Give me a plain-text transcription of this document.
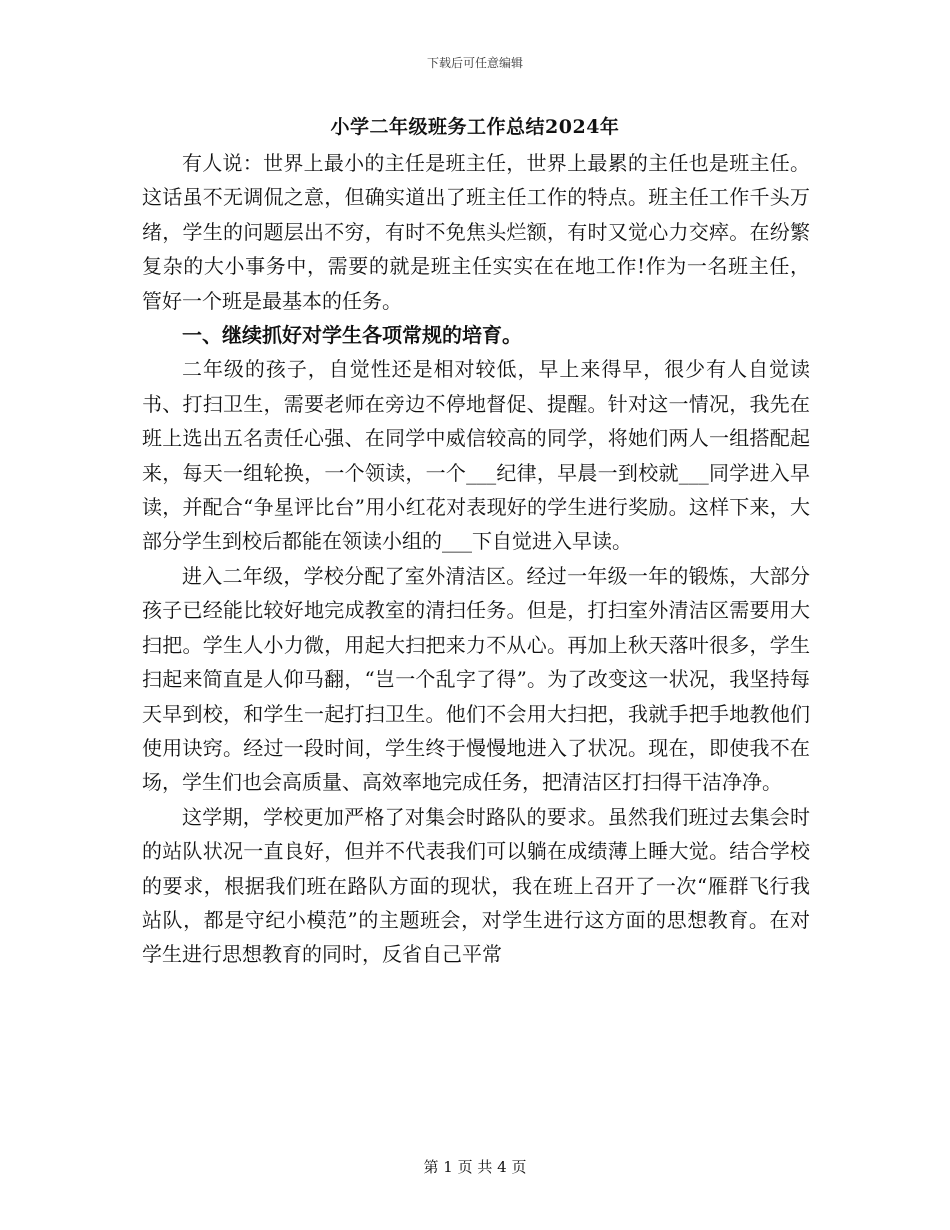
下载后可任意编辑
小学二年级班务工作总结2024年

有人说：世界上最小的主任是班主任，世界上最累的主任也是班主任。这话虽不无调侃之意，但确实道出了班主任工作的特点。班主任工作千头万绪，学生的问题层出不穷，有时不免焦头烂额，有时又觉心力交瘁。在纷繁复杂的大小事务中，需要的就是班主任实实在在地工作!作为一名班主任，管好一个班是最基本的任务。

一、继续抓好对学生各项常规的培育。

二年级的孩子，自觉性还是相对较低，早上来得早，很少有人自觉读书、打扫卫生，需要老师在旁边不停地督促、提醒。针对这一情况，我先在班上选出五名责任心强、在同学中威信较高的同学，将她们两人一组搭配起来，每天一组轮换，一个领读，一个___纪律，早晨一到校就___同学进入早读，并配合“争星评比台”用小红花对表现好的学生进行奖励。这样下来，大部分学生到校后都能在领读小组的___下自觉进入早读。

进入二年级，学校分配了室外清洁区。经过一年级一年的锻炼，大部分孩子已经能比较好地完成教室的清扫任务。但是，打扫室外清洁区需要用大扫把。学生人小力微，用起大扫把来力不从心。再加上秋天落叶很多，学生扫起来简直是人仰马翻，“岂一个乱字了得”。为了改变这一状况，我坚持每天早到校，和学生一起打扫卫生。他们不会用大扫把，我就手把手地教他们使用诀窍。经过一段时间，学生终于慢慢地进入了状况。现在，即使我不在场，学生们也会高质量、高效率地完成任务，把清洁区打扫得干洁净净。

这学期，学校更加严格了对集会时路队的要求。虽然我们班过去集会时的站队状况一直良好，但并不代表我们可以躺在成绩薄上睡大觉。结合学校的要求，根据我们班在路队方面的现状，我在班上召开了一次“雁群飞行我站队，都是守纪小模范”的主题班会，对学生进行这方面的思想教育。在对学生进行思想教育的同时，反省自己平常

第 1 页 共 4 页
